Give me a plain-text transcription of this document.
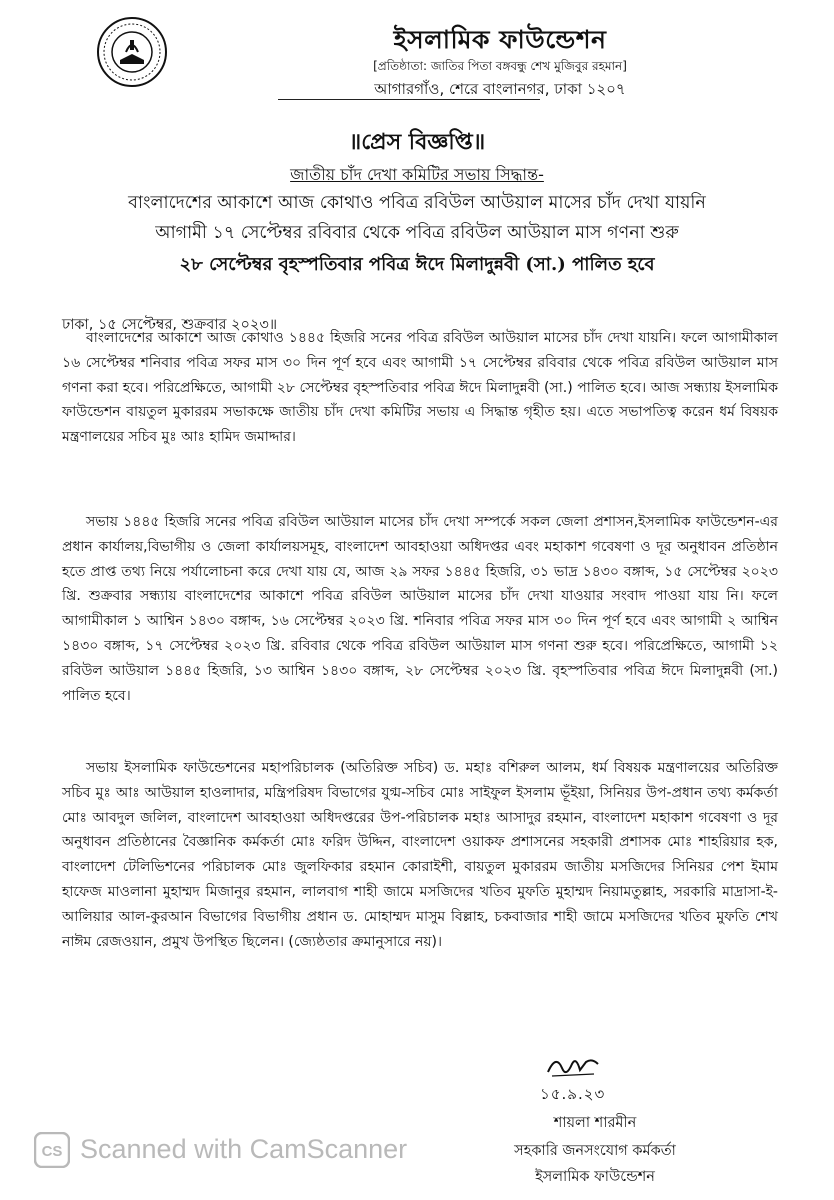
ইসলামিক ফাউন্ডেশন
[প্রতিষ্ঠাতা: জাতির পিতা বঙ্গবন্ধু শেখ মুজিবুর রহমান]
আগারগাঁও, শেরে বাংলানগর, ঢাকা ১২০৭
॥প্রেস বিজ্ঞপ্তি॥
জাতীয় চাঁদ দেখা কমিটির সভায় সিদ্ধান্ত-
বাংলাদেশের আকাশে আজ কোথাও পবিত্র রবিউল আউয়াল মাসের চাঁদ দেখা যায়নি
আগামী ১৭ সেপ্টেম্বর রবিবার থেকে পবিত্র রবিউল আউয়াল মাস গণনা শুরু
২৮ সেপ্টেম্বর বৃহস্পতিবার পবিত্র ঈদে মিলাদুন্নবী (সা.) পালিত হবে
ঢাকা, ১৫ সেপ্টেম্বর, শুক্রবার ২০২৩॥

বাংলাদেশের আকাশে আজ কোথাও ১৪৪৫ হিজরি সনের পবিত্র রবিউল আউয়াল মাসের চাঁদ দেখা যায়নি। ফলে আগামীকাল ১৬ সেপ্টেম্বর শনিবার পবিত্র সফর মাস ৩০ দিন পূর্ণ হবে এবং আগামী ১৭ সেপ্টেম্বর রবিবার থেকে পবিত্র রবিউল আউয়াল মাস গণনা করা হবে। পরিপ্রেক্ষিতে, আগামী ২৮ সেপ্টেম্বর বৃহস্পতিবার পবিত্র ঈদে মিলাদুন্নবী (সা.) পালিত হবে। আজ সন্ধ্যায় ইসলামিক ফাউন্ডেশন বায়তুল মুকাররম সভাকক্ষে জাতীয় চাঁদ দেখা কমিটির সভায় এ সিদ্ধান্ত গৃহীত হয়। এতে সভাপতিত্ব করেন ধর্ম বিষয়ক মন্ত্রণালয়ের সচিব মুঃ আঃ হামিদ জমাদ্দার।

সভায় ১৪৪৫ হিজরি সনের পবিত্র রবিউল আউয়াল মাসের চাঁদ দেখা সম্পর্কে সকল জেলা প্রশাসন,ইসলামিক ফাউন্ডেশন-এর প্রধান কার্যালয়,বিভাগীয় ও জেলা কার্যালয়সমূহ, বাংলাদেশ আবহাওয়া অধিদপ্তর এবং মহাকাশ গবেষণা ও দূর অনুধাবন প্রতিষ্ঠান হতে প্রাপ্ত তথ্য নিয়ে পর্যালোচনা করে দেখা যায় যে, আজ ২৯ সফর ১৪৪৫ হিজরি, ৩১ ভাদ্র ১৪৩০ বঙ্গাব্দ, ১৫ সেপ্টেম্বর ২০২৩ খ্রি. শুক্রবার সন্ধ্যায় বাংলাদেশের আকাশে পবিত্র রবিউল আউয়াল মাসের চাঁদ দেখা যাওয়ার সংবাদ পাওয়া যায় নি। ফলে আগামীকাল ১ আশ্বিন ১৪৩০ বঙ্গাব্দ, ১৬ সেপ্টেম্বর ২০২৩ খ্রি. শনিবার পবিত্র সফর মাস ৩০ দিন পূর্ণ হবে এবং আগামী ২ আশ্বিন ১৪৩০ বঙ্গাব্দ, ১৭ সেপ্টেম্বর ২০২৩ খ্রি. রবিবার থেকে পবিত্র রবিউল আউয়াল মাস গণনা শুরু হবে। পরিপ্রেক্ষিতে, আগামী ১২ রবিউল আউয়াল ১৪৪৫ হিজরি, ১৩ আশ্বিন ১৪৩০ বঙ্গাব্দ, ২৮ সেপ্টেম্বর ২০২৩ খ্রি. বৃহস্পতিবার পবিত্র ঈদে মিলাদুন্নবী (সা.) পালিত হবে।

সভায় ইসলামিক ফাউন্ডেশনের মহাপরিচালক (অতিরিক্ত সচিব) ড. মহাঃ বশিরুল আলম, ধর্ম বিষয়ক মন্ত্রণালয়ের অতিরিক্ত সচিব মুঃ আঃ আউয়াল হাওলাদার, মন্ত্রিপরিষদ বিভাগের যুগ্ম-সচিব মোঃ সাইফুল ইসলাম ভূঁইয়া, সিনিয়র উপ-প্রধান তথ্য কর্মকর্তা মোঃ আবদুল জলিল, বাংলাদেশ আবহাওয়া অধিদপ্তরের উপ-পরিচালক মহাঃ আসাদুর রহমান, বাংলাদেশ মহাকাশ গবেষণা ও দূর অনুধাবন প্রতিষ্ঠানের বৈজ্ঞানিক কর্মকর্তা মোঃ ফরিদ উদ্দিন, বাংলাদেশ ওয়াকফ প্রশাসনের সহকারী প্রশাসক মোঃ শাহরিয়ার হক, বাংলাদেশ টেলিভিশনের পরিচালক মোঃ জুলফিকার রহমান কোরাইশী, বায়তুল মুকাররম জাতীয় মসজিদের সিনিয়র পেশ ইমাম হাফেজ মাওলানা মুহাম্মদ মিজানুর রহমান, লালবাগ শাহী জামে মসজিদের খতিব মুফতি মুহাম্মদ নিয়ামতুল্লাহ, সরকারি মাদ্রাসা-ই-আলিয়ার আল-কুরআন বিভাগের বিভাগীয় প্রধান ড. মোহাম্মদ মাসুম বিল্লাহ, চকবাজার শাহী জামে মসজিদের খতিব মুফতি শেখ নাঈম রেজওয়ান, প্রমুখ উপস্থিত ছিলেন। (জ্যেষ্ঠতার ক্রমানুসারে নয়)।

১৫.৯.২৩
শায়লা শারমীন
সহকারি জনসংযোগ কর্মকর্তা
ইসলামিক ফাউন্ডেশন
CS Scanned with CamScanner
